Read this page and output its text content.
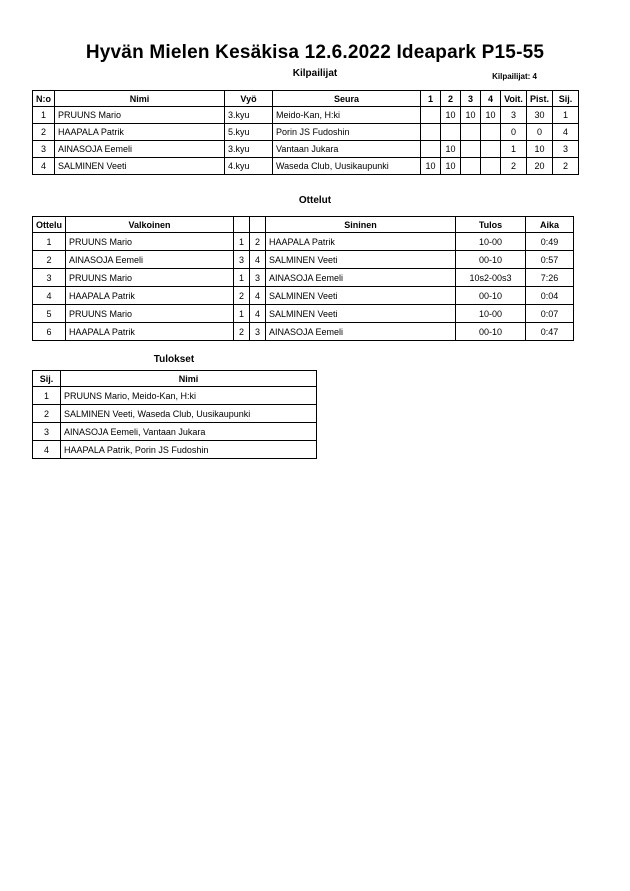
Hyvän Mielen Kesäkisa 12.6.2022 Ideapark P15-55
Kilpailijat	Kilpailijat: 4
N:o	Nimi	Vyö	Seura	1	2	3	4	Voit.	Pist.	Sij.
1	PRUUNS Mario	3.kyu	Meido-Kan, H:ki		10	10	10	3	30	1
2	HAAPALA Patrik	5.kyu	Porin JS Fudoshin					0	0	4
3	AINASOJA Eemeli	3.kyu	Vantaan Jukara		10			1	10	3
4	SALMINEN Veeti	4.kyu	Waseda Club, Uusikaupunki	10	10			2	20	2
Ottelut
Ottelu	Valkoinen			Sininen	Tulos	Aika
1	PRUUNS Mario	1	2	HAAPALA Patrik	10-00	0:49
2	AINASOJA Eemeli	3	4	SALMINEN Veeti	00-10	0:57
3	PRUUNS Mario	1	3	AINASOJA Eemeli	10s2-00s3	7:26
4	HAAPALA Patrik	2	4	SALMINEN Veeti	00-10	0:04
5	PRUUNS Mario	1	4	SALMINEN Veeti	10-00	0:07
6	HAAPALA Patrik	2	3	AINASOJA Eemeli	00-10	0:47
Tulokset
Sij.	Nimi
1	PRUUNS Mario, Meido-Kan, H:ki
2	SALMINEN Veeti, Waseda Club, Uusikaupunki
3	AINASOJA Eemeli, Vantaan Jukara
4	HAAPALA Patrik, Porin JS Fudoshin
